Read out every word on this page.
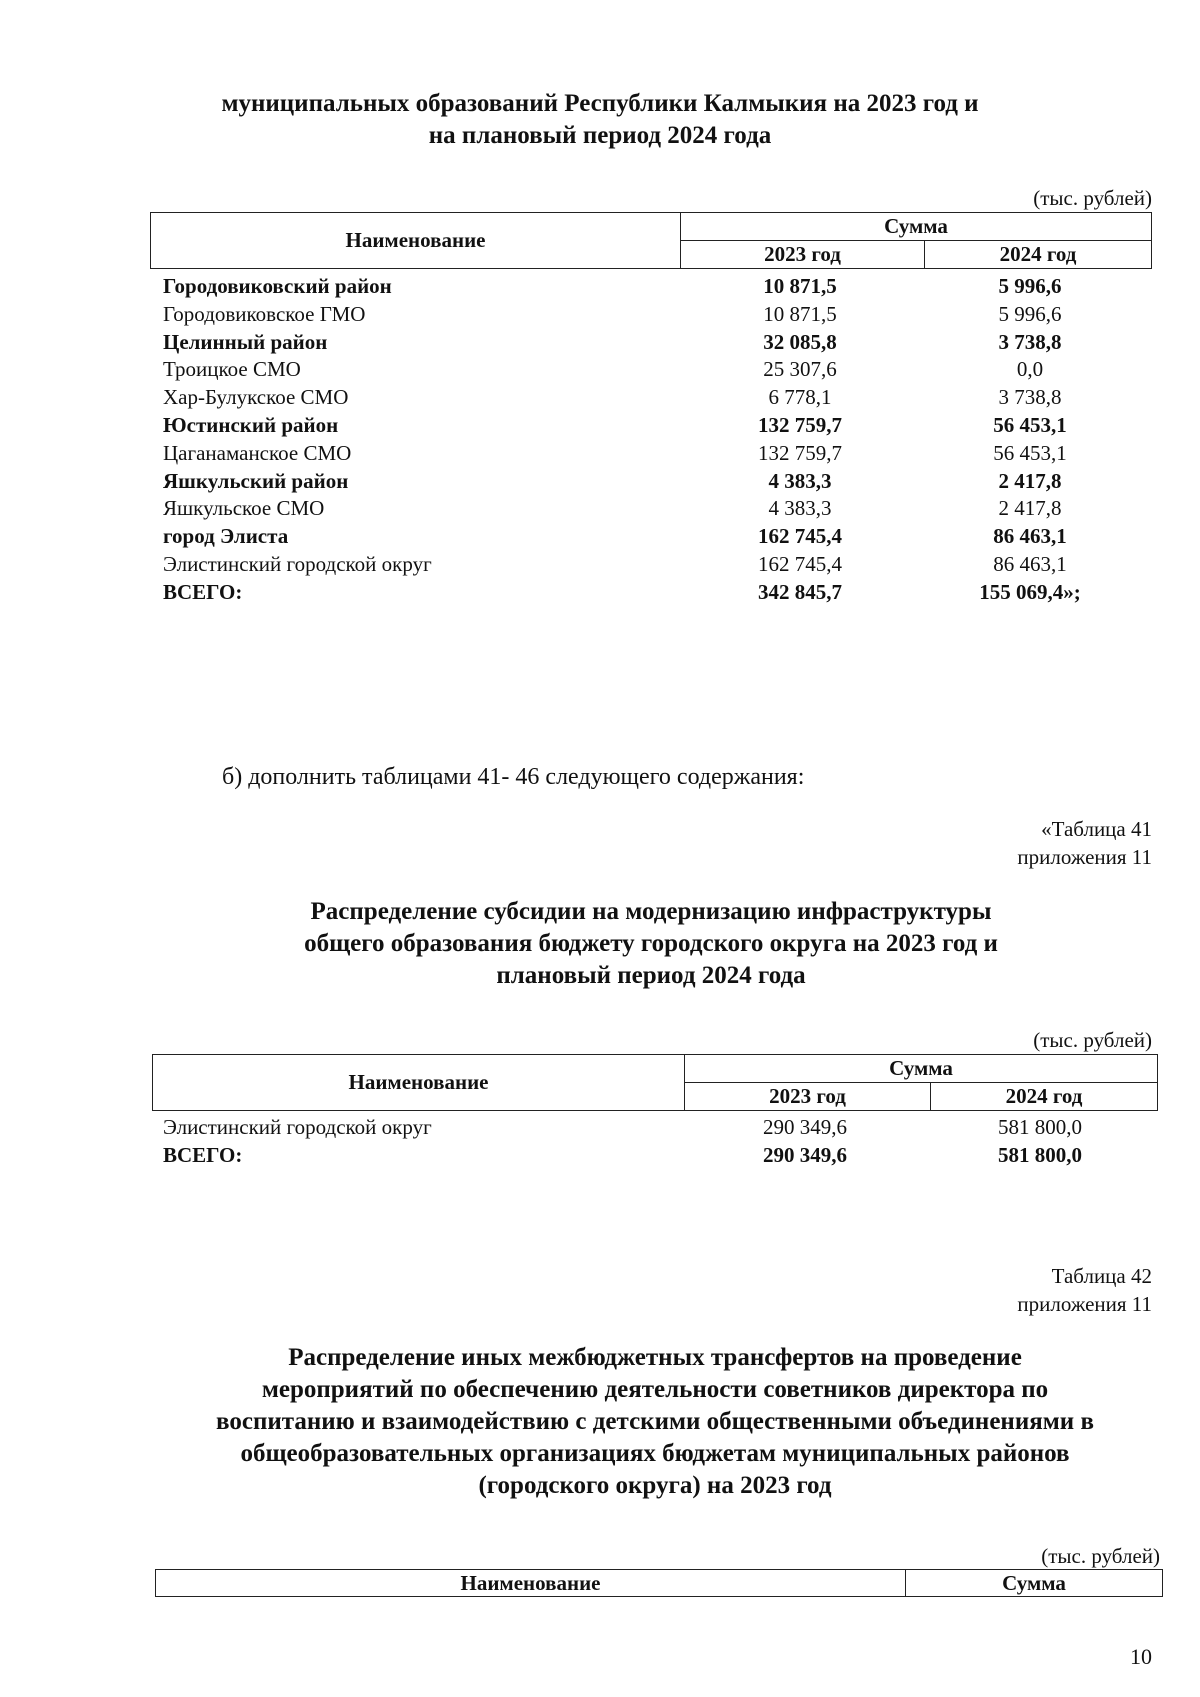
муниципальных образований Республики Калмыкия на 2023 год и
на плановый период 2024 года
(тыс. рублей)
Наименование
Сумма
2023 год	2024 год
Городовиковский район	10 871,5	5 996,6
Городовиковское ГМО	10 871,5	5 996,6
Целинный район	32 085,8	3 738,8
Троицкое СМО	25 307,6	0,0
Хар-Булукское СМО	6 778,1	3 738,8
Юстинский район	132 759,7	56 453,1
Цаганаманское СМО	132 759,7	56 453,1
Яшкульский район	4 383,3	2 417,8
Яшкульское СМО	4 383,3	2 417,8
город Элиста	162 745,4	86 463,1
Элистинский городской округ	162 745,4	86 463,1
ВСЕГО:	342 845,7	155 069,4»;
б) дополнить таблицами 41- 46 следующего содержания:
«Таблица 41
приложения 11
Распределение субсидии на модернизацию инфраструктуры
общего образования бюджету городского округа на 2023 год и
плановый период 2024 года
(тыс. рублей)
Наименование
Сумма
2023 год	2024 год
Элистинский городской округ	290 349,6	581 800,0
ВСЕГО:	290 349,6	581 800,0
Таблица 42
приложения 11
Распределение иных межбюджетных трансфертов на проведение
мероприятий по обеспечению деятельности советников директора по
воспитанию и взаимодействию с детскими общественными объединениями в
общеобразовательных организациях бюджетам муниципальных районов
(городского округа) на 2023 год
(тыс. рублей)
Наименование	Сумма
10
